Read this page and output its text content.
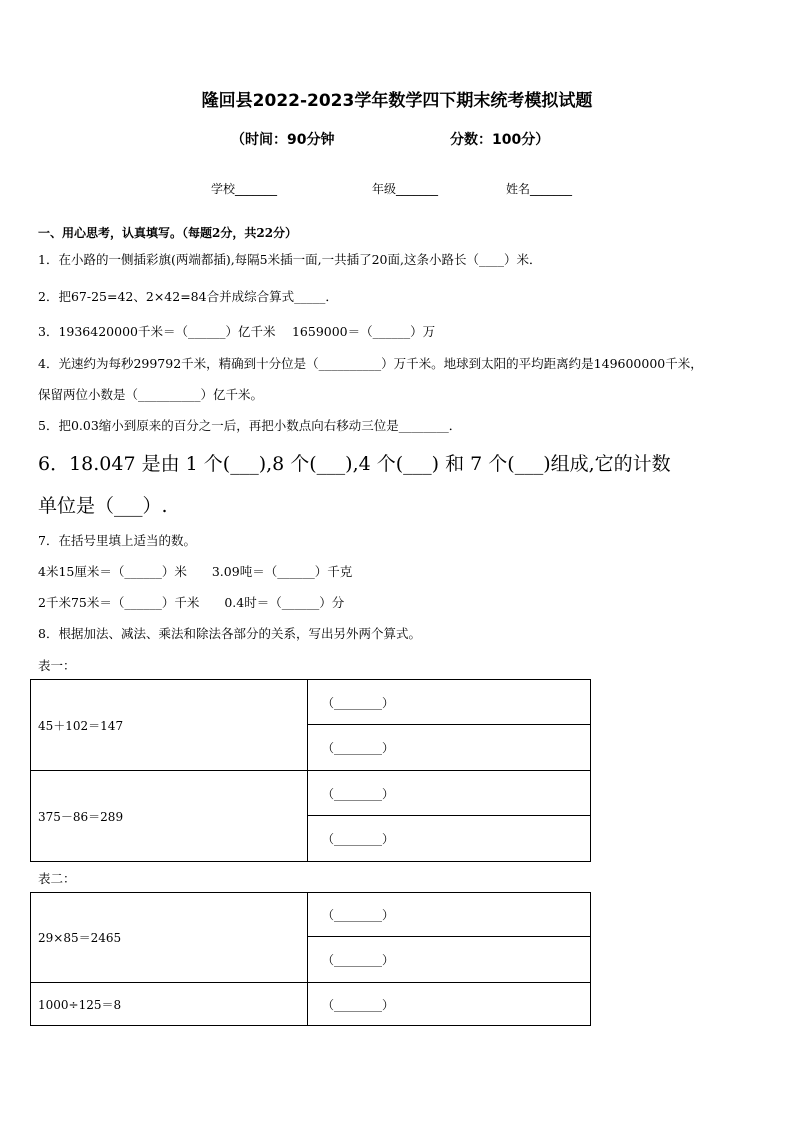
隆回县2022-2023学年数学四下期末统考模拟试题
（时间：90分钟	分数：100分）
学校_______	年级_______	姓名_______
一、用心思考，认真填写。（每题2分，共22分）
1．在小路的一侧插彩旗(两端都插),每隔5米插一面,一共插了20面,这条小路长（____）米．
2．把67-25=42、2×42=84合并成综合算式_____．
3．1936420000千米＝（______）亿千米　 1659000＝（______）万
4．光速约为每秒299792千米，精确到十分位是（__________）万千米。地球到太阳的平均距离约是149600000千米，
保留两位小数是（__________）亿千米。
5．把0.03缩小到原来的百分之一后，再把小数点向右移动三位是________．
6．18.047 是由 1 个(___),8 个(___),4 个(___) 和 7 个(___)组成,它的计数
单位是（___）.
7．在括号里填上适当的数。
4米15厘米＝（______）米　　3.09吨＝（______）千克
2千米75米＝（______）千米　　0.4时＝（______）分
8．根据加法、减法、乘法和除法各部分的关系，写出另外两个算式。
表一：
45＋102＝147	（________）
	（________）
375－86＝289	（________）
	（________）
表二：
29×85＝2465	（________）
	（________）
1000÷125＝8	（________）
